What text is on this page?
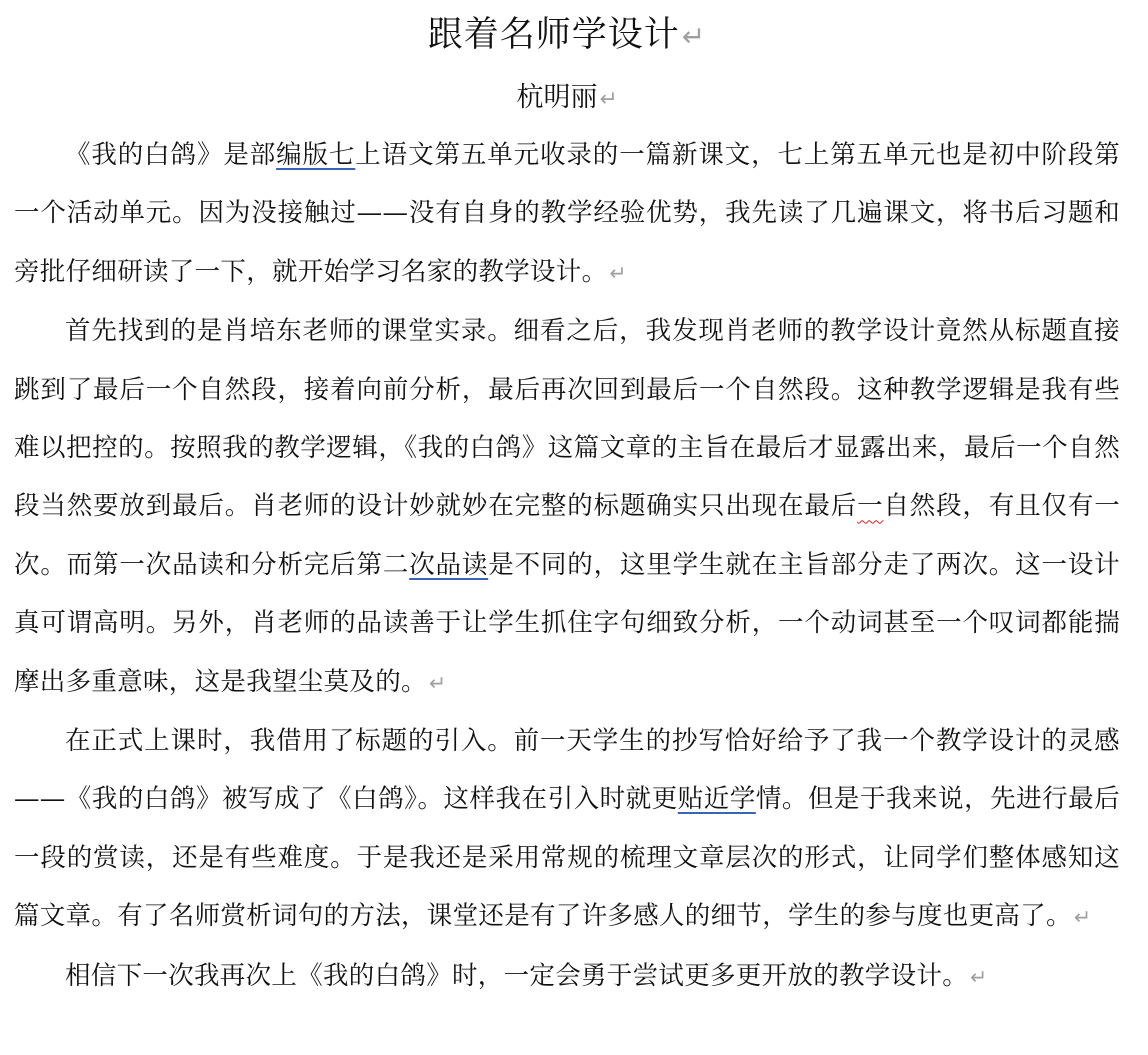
跟着名师学设计↵
杭明丽↵

《我的白鸽》是部编版七上语文第五单元收录的一篇新课文，七上第五单元也是初中阶段第一个活动单元。因为没接触过——没有自身的教学经验优势，我先读了几遍课文，将书后习题和旁批仔细研读了一下，就开始学习名家的教学设计。↵

首先找到的是肖培东老师的课堂实录。细看之后，我发现肖老师的教学设计竟然从标题直接跳到了最后一个自然段，接着向前分析，最后再次回到最后一个自然段。这种教学逻辑是我有些难以把控的。按照我的教学逻辑，《我的白鸽》这篇文章的主旨在最后才显露出来，最后一个自然段当然要放到最后。肖老师的设计妙就妙在完整的标题确实只出现在最后一自然段，有且仅有一次。而第一次品读和分析完后第二次品读是不同的，这里学生就在主旨部分走了两次。这一设计真可谓高明。另外，肖老师的品读善于让学生抓住字句细致分析，一个动词甚至一个叹词都能揣摩出多重意味，这是我望尘莫及的。↵

在正式上课时，我借用了标题的引入。前一天学生的抄写恰好给予了我一个教学设计的灵感——《我的白鸽》被写成了《白鸽》。这样我在引入时就更贴近学情。但是于我来说，先进行最后一段的赏读，还是有些难度。于是我还是采用常规的梳理文章层次的形式，让同学们整体感知这篇文章。有了名师赏析词句的方法，课堂还是有了许多感人的细节，学生的参与度也更高了。↵

相信下一次我再次上《我的白鸽》时，一定会勇于尝试更多更开放的教学设计。↵
